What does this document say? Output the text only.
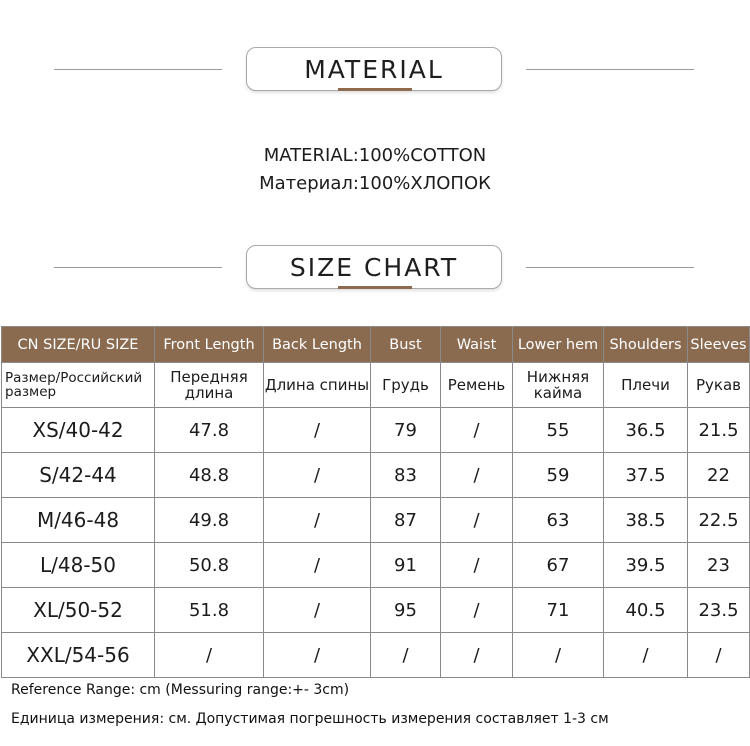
MATERIAL
MATERIAL:100%COTTON
Материал:100%ХЛОПОК
SIZE CHART
CN SIZE/RU SIZE	Front Length	Back Length	Bust	Waist	Lower hem	Shoulders	Sleeves
Размер/Российский размер	Передняя длина	Длина спины	Грудь	Ремень	Нижняя кайма	Плечи	Рукав
XS/40-42	47.8	/	79	/	55	36.5	21.5
S/42-44	48.8	/	83	/	59	37.5	22
M/46-48	49.8	/	87	/	63	38.5	22.5
L/48-50	50.8	/	91	/	67	39.5	23
XL/50-52	51.8	/	95	/	71	40.5	23.5
XXL/54-56	/	/	/	/	/	/	/
Reference Range: cm (Messuring range:+- 3cm)
Единица измерения: см. Допустимая погрешность измерения составляет 1-3 см
